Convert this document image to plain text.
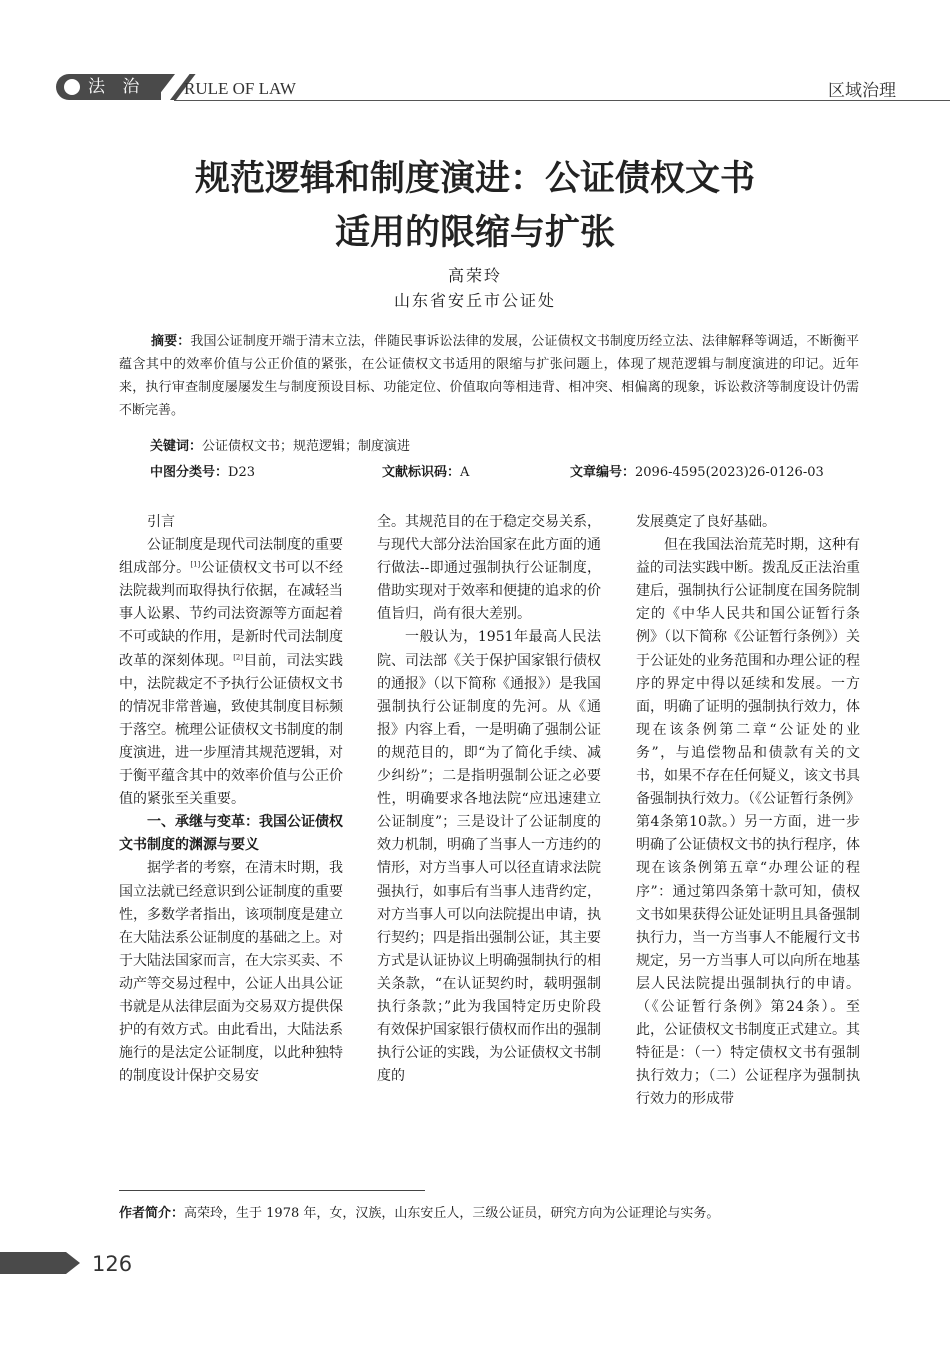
法 治 RULE OF LAW	区域治理
规范逻辑和制度演进：公证债权文书
适用的限缩与扩张
高荣玲
山东省安丘市公证处
摘要：我国公证制度开端于清末立法，伴随民事诉讼法律的发展，公证债权文书制度历经立法、法律解释等调适，不断衡平蕴含其中的效率价值与公正价值的紧张，在公证债权文书适用的限缩与扩张问题上，体现了规范逻辑与制度演进的印记。近年来，执行审查制度屡屡发生与制度预设目标、功能定位、价值取向等相违背、相冲突、相偏离的现象，诉讼救济等制度设计仍需不断完善。
关键词：公证债权文书；规范逻辑；制度演进
中图分类号：D23	文献标识码：A	文章编号：2096-4595(2023)26-0126-03
引言

公证制度是现代司法制度的重要组成部分。[1]公证债权文书可以不经法院裁判而取得执行依据，在减轻当事人讼累、节约司法资源等方面起着不可或缺的作用，是新时代司法制度改革的深刻体现。[2]目前，司法实践中，法院裁定不予执行公证债权文书的情况非常普遍，致使其制度目标频于落空。梳理公证债权文书制度的制度演进，进一步厘清其规范逻辑，对于衡平蕴含其中的效率价值与公正价值的紧张至关重要。

一、承继与变革：我国公证债权文书制度的渊源与要义

据学者的考察，在清末时期，我国立法就已经意识到公证制度的重要性，多数学者指出，该项制度是建立在大陆法系公证制度的基础之上。对于大陆法国家而言，在大宗买卖、不动产等交易过程中，公证人出具公证书就是从法律层面为交易双方提供保护的有效方式。由此看出，大陆法系施行的是法定公证制度，以此种独特的制度设计保护交易安

全。其规范目的在于稳定交易关系，与现代大部分法治国家在此方面的通行做法--即通过强制执行公证制度，借助实现对于效率和便捷的追求的价值旨归，尚有很大差别。

一般认为，1951年最高人民法院、司法部《关于保护国家银行债权的通报》（以下简称《通报》）是我国强制执行公证制度的先河。从《通报》内容上看，一是明确了强制公证的规范目的，即“为了简化手续、减少纠纷”；二是指明强制公证之必要性，明确要求各地法院“应迅速建立公证制度”；三是设计了公证制度的效力机制，明确了当事人一方违约的情形，对方当事人可以径直请求法院强执行，如事后有当事人违背约定，对方当事人可以向法院提出申请，执行契约；四是指出强制公证，其主要方式是认证协议上明确强制执行的相关条款，“在认证契约时，载明强制执行条款；”此为我国特定历史阶段有效保护国家银行债权而作出的强制执行公证的实践，为公证债权文书制度的

发展奠定了良好基础。

但在我国法治荒芜时期，这种有益的司法实践中断。拨乱反正法治重建后，强制执行公证制度在国务院制定的《中华人民共和国公证暂行条例》（以下简称《公证暂行条例》）关于公证处的业务范围和办理公证的程序的界定中得以延续和发展。一方面，明确了证明的强制执行效力，体现在该条例第二章“公证处的业务”，与追偿物品和债款有关的文书，如果不存在任何疑义，该文书具备强制执行效力。（《公证暂行条例》第4条第10款。）另一方面，进一步明确了公证债权文书的执行程序，体现在该条例第五章“办理公证的程序”：通过第四条第十款可知，债权文书如果获得公证处证明且具备强制执行力，当一方当事人不能履行文书规定，另一方当事人可以向所在地基层人民法院提出强制执行的申请。（《公证暂行条例》第24条）。至此，公证债权文书制度正式建立。其特征是：（一）特定债权文书有强制执行效力；（二）公证程序为强制执行效力的形成带

作者简介：高荣玲，生于 1978 年，女，汉族，山东安丘人，三级公证员，研究方向为公证理论与实务。
126
